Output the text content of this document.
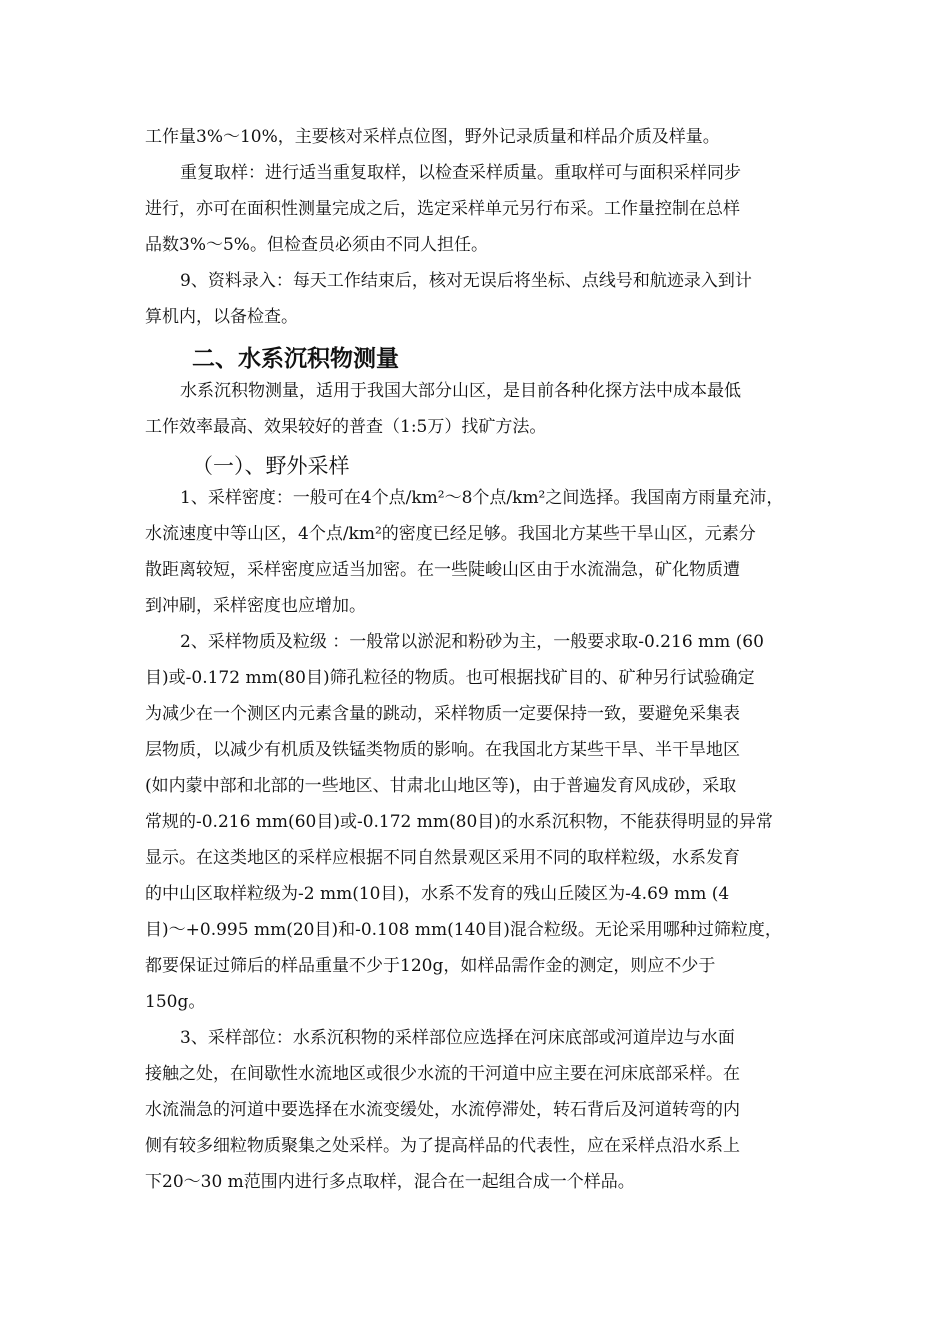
工作量3%～10%，主要核对采样点位图，野外记录质量和样品介质及样量。
重复取样：进行适当重复取样，以检查采样质量。重取样可与面积采样同步
进行，亦可在面积性测量完成之后，选定采样单元另行布采。工作量控制在总样
品数3%～5%。但检查员必须由不同人担任。
9、资料录入：每天工作结束后，核对无误后将坐标、点线号和航迹录入到计
算机内，以备检查。
二、水系沉积物测量
水系沉积物测量，适用于我国大部分山区，是目前各种化探方法中成本最低
工作效率最高、效果较好的普查（1:5万）找矿方法。
（一）、野外采样
1、采样密度：一般可在4个点/km²～8个点/km²之间选择。我国南方雨量充沛，
水流速度中等山区，4个点/km²的密度已经足够。我国北方某些干旱山区，元素分
散距离较短，采样密度应适当加密。在一些陡峻山区由于水流湍急，矿化物质遭
到冲刷，采样密度也应增加。
2、采样物质及粒级 ：一般常以淤泥和粉砂为主，一般要求取-0.216 mm (60
目)或-0.172 mm(80目)筛孔粒径的物质。也可根据找矿目的、矿种另行试验确定
为减少在一个测区内元素含量的跳动，采样物质一定要保持一致，要避免采集表
层物质，以减少有机质及铁锰类物质的影响。在我国北方某些干旱、半干旱地区
(如内蒙中部和北部的一些地区、甘肃北山地区等)，由于普遍发育风成砂，采取
常规的-0.216 mm(60目)或-0.172 mm(80目)的水系沉积物，不能获得明显的异常
显示。在这类地区的采样应根据不同自然景观区采用不同的取样粒级，水系发育
的中山区取样粒级为-2 mm(10目)，水系不发育的残山丘陵区为-4.69 mm (4
目)～+0.995 mm(20目)和-0.108 mm(140目)混合粒级。无论采用哪种过筛粒度，
都要保证过筛后的样品重量不少于120g，如样品需作金的测定，则应不少于
150g。
3、采样部位：水系沉积物的采样部位应选择在河床底部或河道岸边与水面
接触之处，在间歇性水流地区或很少水流的干河道中应主要在河床底部采样。在
水流湍急的河道中要选择在水流变缓处，水流停滞处，转石背后及河道转弯的内
侧有较多细粒物质聚集之处采样。为了提高样品的代表性，应在采样点沿水系上
下20～30 m范围内进行多点取样，混合在一起组合成一个样品。
